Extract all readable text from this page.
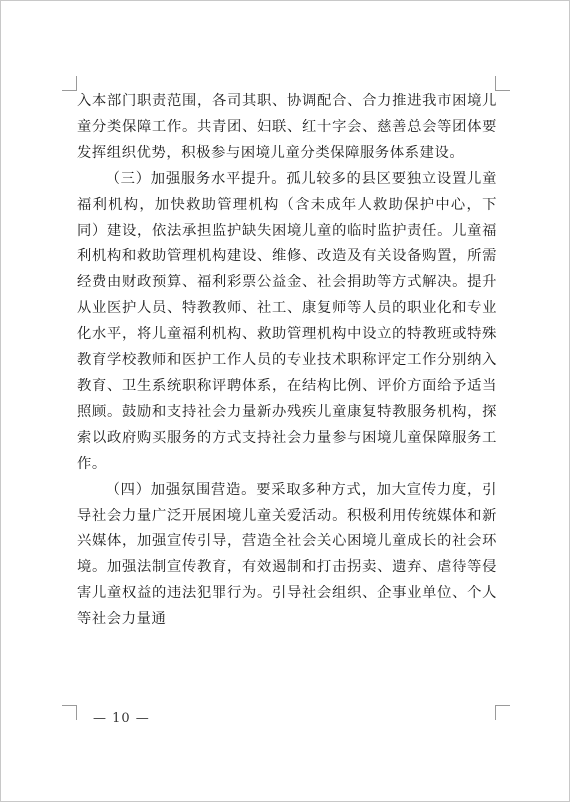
入本部门职责范围，各司其职、协调配合、合力推进我市困境儿童分类保障工作。共青团、妇联、红十字会、慈善总会等团体要发挥组织优势，积极参与困境儿童分类保障服务体系建设。

（三）加强服务水平提升。孤儿较多的县区要独立设置儿童福利机构，加快救助管理机构（含未成年人救助保护中心，下同）建设，依法承担监护缺失困境儿童的临时监护责任。儿童福利机构和救助管理机构建设、维修、改造及有关设备购置，所需经费由财政预算、福利彩票公益金、社会捐助等方式解决。提升从业医护人员、特教教师、社工、康复师等人员的职业化和专业化水平，将儿童福利机构、救助管理机构中设立的特教班或特殊教育学校教师和医护工作人员的专业技术职称评定工作分别纳入教育、卫生系统职称评聘体系，在结构比例、评价方面给予适当照顾。鼓励和支持社会力量新办残疾儿童康复特教服务机构，探索以政府购买服务的方式支持社会力量参与困境儿童保障服务工作。

（四）加强氛围营造。要采取多种方式，加大宣传力度，引导社会力量广泛开展困境儿童关爱活动。积极利用传统媒体和新兴媒体，加强宣传引导，营造全社会关心困境儿童成长的社会环境。加强法制宣传教育，有效遏制和打击拐卖、遗弃、虐待等侵害儿童权益的违法犯罪行为。引导社会组织、企事业单位、个人等社会力量通

— 10 —
